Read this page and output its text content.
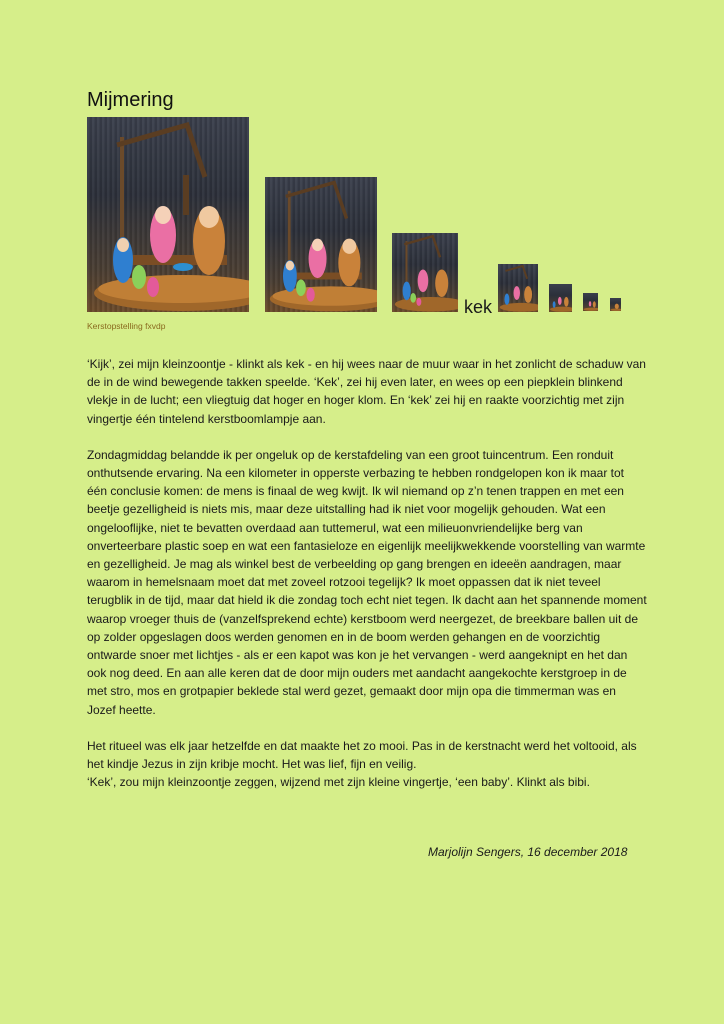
Mijmering
kek
Kerstopstelling fxvdp

‘Kijk’, zei mijn kleinzoontje - klinkt als kek - en hij wees naar de muur waar in het zonlicht de schaduw van de in de wind bewegende takken speelde. ‘Kek’, zei hij even later, en wees op een piepklein blinkend vlekje in de lucht; een vliegtuig dat hoger en hoger klom. En ‘kek’ zei hij en raakte voorzichtig met zijn vingertje één tintelend kerstboomlampje aan.

Zondagmiddag belandde ik per ongeluk op de kerstafdeling van een groot tuincentrum. Een ronduit onthutsende ervaring. Na een kilometer in opperste verbazing te hebben rondgelopen kon ik maar tot één conclusie komen: de mens is finaal de weg kwijt. Ik wil niemand op z’n tenen trappen en met een beetje gezelligheid is niets mis, maar deze uitstalling had ik niet voor mogelijk gehouden. Wat een ongelooflijke, niet te bevatten overdaad aan tuttemerul, wat een milieuonvriendelijke berg van onverteerbare plastic soep en wat een fantasieloze en eigenlijk meelijkwekkende voorstelling van warmte en gezelligheid. Je mag als winkel best de verbeelding op gang brengen en ideeën aandragen, maar waarom in hemelsnaam moet dat met zoveel rotzooi tegelijk? Ik moet oppassen dat ik niet teveel terugblik in de tijd, maar dat hield ik die zondag toch echt niet tegen. Ik dacht aan het spannende moment waarop vroeger thuis de (vanzelfsprekend echte) kerstboom werd neergezet, de breekbare ballen uit de op zolder opgeslagen doos werden genomen en in de boom werden gehangen en de voorzichtig ontwarde snoer met lichtjes - als er een kapot was kon je het vervangen - werd aangeknipt en het dan ook nog deed. En aan alle keren dat de door mijn ouders met aandacht aangekochte kerstgroep in de met stro, mos en grotpapier beklede stal werd gezet, gemaakt door mijn opa die timmerman was en Jozef heette.

Het ritueel was elk jaar hetzelfde en dat maakte het zo mooi. Pas in de kerstnacht werd het voltooid, als het kindje Jezus in zijn kribje mocht. Het was lief, fijn en veilig.

‘Kek’, zou mijn kleinzoontje zeggen, wijzend met zijn kleine vingertje, ‘een baby’. Klinkt als bibi.

Marjolijn Sengers, 16 december 2018
